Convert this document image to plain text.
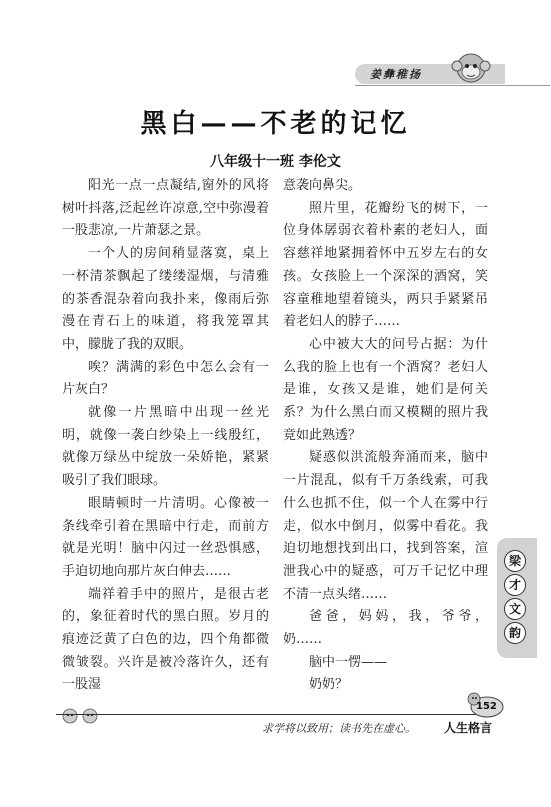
姜彝稚扬
黑白——不老的记忆
八年级十一班 李伦文

阳光一点一点凝结,窗外的风将树叶抖落,泛起丝许凉意,空中弥漫着一股悲凉,一片萧瑟之景。

一个人的房间稍显落寞，桌上一杯清茶飘起了缕缕湿烟，与清雅的茶香混杂着向我扑来，像雨后弥漫在青石上的味道，将我笼罩其中，朦胧了我的双眼。

唉？满满的彩色中怎么会有一片灰白？

就像一片黑暗中出现一丝光明，就像一袭白纱染上一线殷红，就像万绿丛中绽放一朵娇艳，紧紧吸引了我们眼球。

眼睛顿时一片清明。心像被一条线牵引着在黑暗中行走，而前方就是光明！脑中闪过一丝恐惧感，手迫切地向那片灰白伸去……

端祥着手中的照片，是很古老的，象征着时代的黑白照。岁月的痕迹泛黄了白色的边，四个角都微微皱裂。兴许是被冷落许久，还有一股湿

意袭向鼻尖。

照片里，花瓣纷飞的树下，一位身体孱弱衣着朴素的老妇人，面容慈祥地紧拥着怀中五岁左右的女孩。女孩脸上一个深深的酒窝，笑容童稚地望着镜头，两只手紧紧吊着老妇人的脖子……

心中被大大的问号占据：为什么我的脸上也有一个酒窝？老妇人是谁，女孩又是谁，她们是何关系？为什么黑白而又模糊的照片我竟如此熟透？

疑惑似洪流般奔涌而来，脑中一片混乱，似有千万条线索，可我什么也抓不住，似一个人在雾中行走，似水中倒月，似雾中看花。我迫切地想找到出口，找到答案，渲泄我心中的疑惑，可万千记忆中理不清一点头绪……

爸爸，妈妈，我，爷爷，奶……

脑中一愣——

奶奶？

梁
才
文
韵
152
求学将以致用；读书先在虚心。 人生格言
